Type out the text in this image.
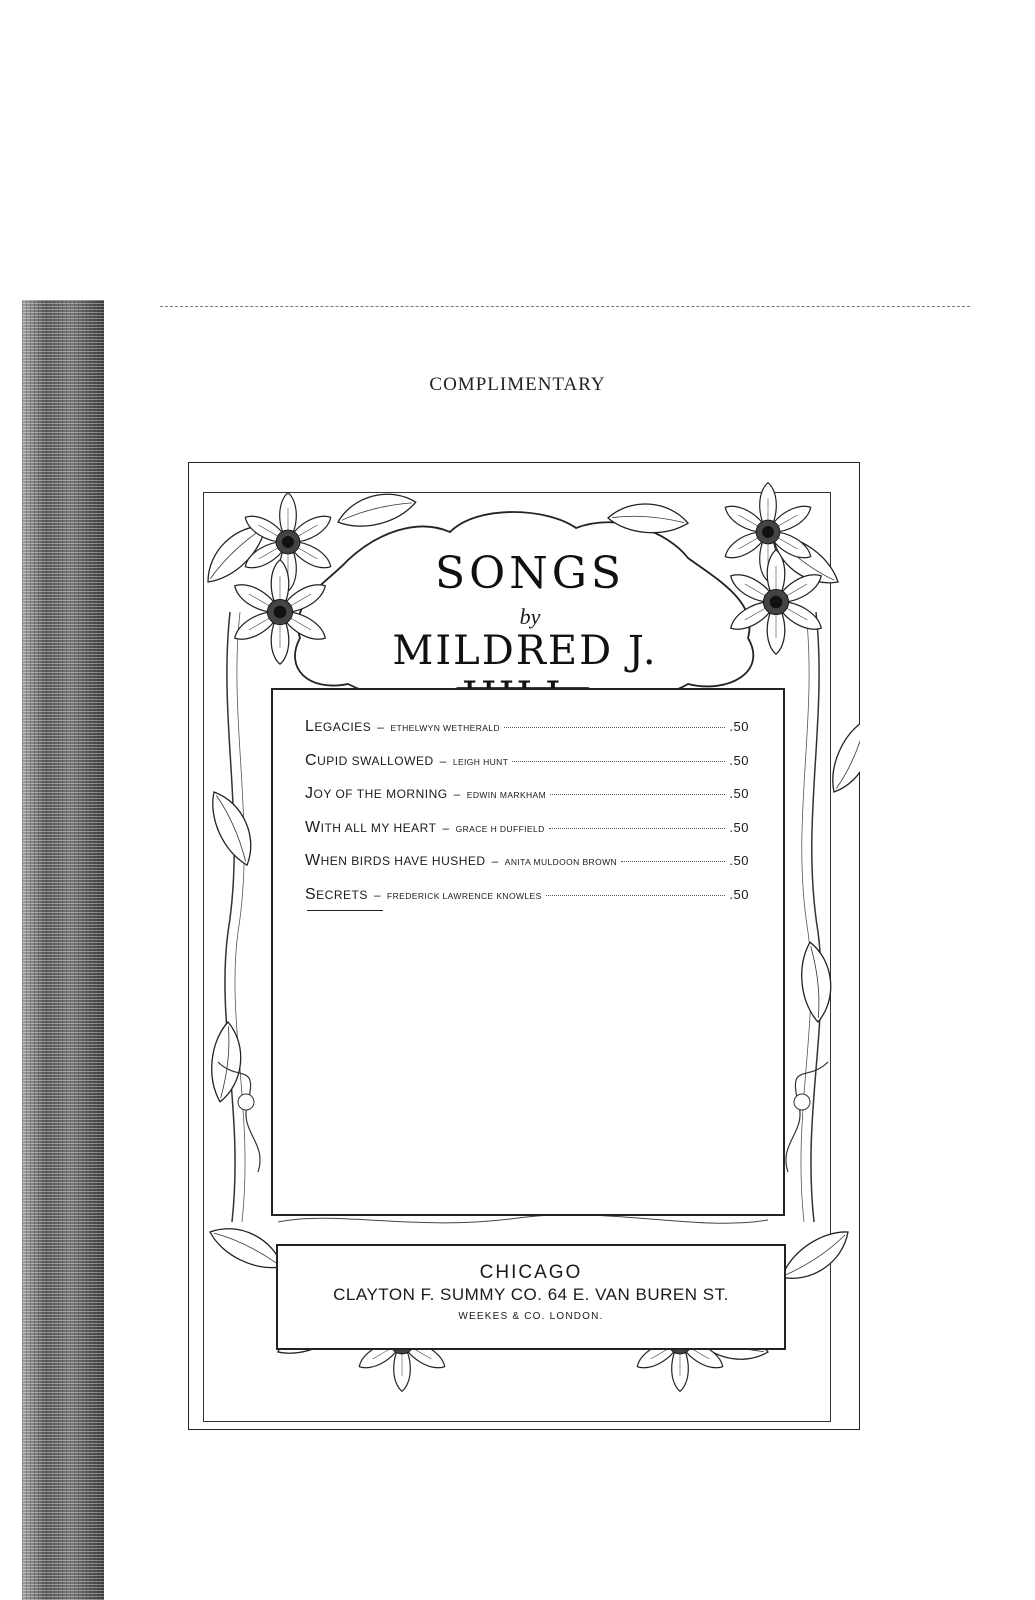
COMPLIMENTARY
SONGS
by
MILDRED J.
LEGACIES – ETHELWYN WETHERALD	.50
CUPID SWALLOWED – LEIGH HUNT	.50
JOY OF THE MORNING – EDWIN MARKHAM	.50
WITH ALL MY HEART – GRACE H DUFFIELD	.50
WHEN BIRDS HAVE HUSHED – ANITA MULDOON BROWN	.50
SECRETS – FREDERICK LAWRENCE KNOWLES	.50
CHICAGO
CLAYTON F. SUMMY CO. 64 E. VAN BUREN ST.
WEEKES & CO. LONDON.
